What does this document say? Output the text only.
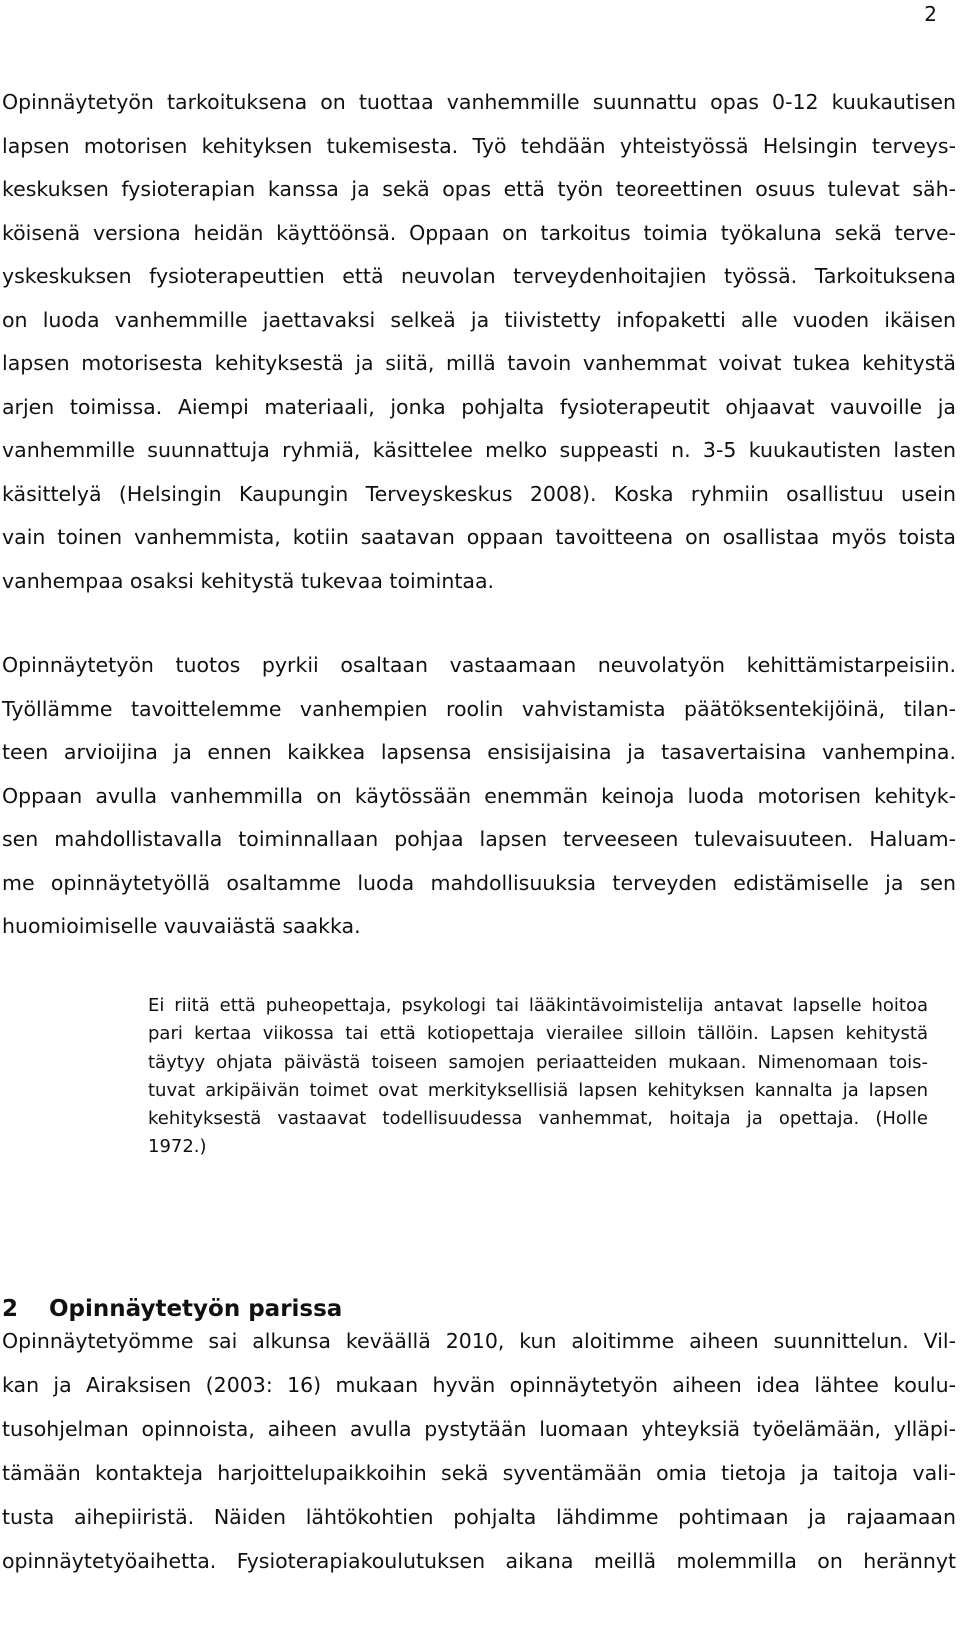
2
Opinnäytetyön tarkoituksena on tuottaa vanhemmille suunnattu opas 0-12 kuukautisen
lapsen motorisen kehityksen tukemisesta. Työ tehdään yhteistyössä Helsingin terveys-
keskuksen fysioterapian kanssa ja sekä opas että työn teoreettinen osuus tulevat säh-
köisenä versiona heidän käyttöönsä. Oppaan on tarkoitus toimia työkaluna sekä terve-
yskeskuksen fysioterapeuttien että neuvolan terveydenhoitajien työssä. Tarkoituksena
on luoda vanhemmille jaettavaksi selkeä ja tiivistetty infopaketti alle vuoden ikäisen
lapsen motorisesta kehityksestä ja siitä, millä tavoin vanhemmat voivat tukea kehitystä
arjen toimissa. Aiempi materiaali, jonka pohjalta fysioterapeutit ohjaavat vauvoille ja
vanhemmille suunnattuja ryhmiä, käsittelee melko suppeasti n. 3-5 kuukautisten lasten
käsittelyä (Helsingin Kaupungin Terveyskeskus 2008). Koska ryhmiin osallistuu usein
vain toinen vanhemmista, kotiin saatavan oppaan tavoitteena on osallistaa myös toista
vanhempaa osaksi kehitystä tukevaa toimintaa.
Opinnäytetyön tuotos pyrkii osaltaan vastaamaan neuvolatyön kehittämistarpeisiin.
Työllämme tavoittelemme vanhempien roolin vahvistamista päätöksentekijöinä, tilan-
teen arvioijina ja ennen kaikkea lapsensa ensisijaisina ja tasavertaisina vanhempina.
Oppaan avulla vanhemmilla on käytössään enemmän keinoja luoda motorisen kehityk-
sen mahdollistavalla toiminnallaan pohjaa lapsen terveeseen tulevaisuuteen. Haluam-
me opinnäytetyöllä osaltamme luoda mahdollisuuksia terveyden edistämiselle ja sen
huomioimiselle vauvaiästä saakka.
Ei riitä että puheopettaja, psykologi tai lääkintävoimistelija antavat lapselle hoitoa
pari kertaa viikossa tai että kotiopettaja vierailee silloin tällöin. Lapsen kehitystä
täytyy ohjata päivästä toiseen samojen periaatteiden mukaan. Nimenomaan tois-
tuvat arkipäivän toimet ovat merkityksellisiä lapsen kehityksen kannalta ja lapsen
kehityksestä vastaavat todellisuudessa vanhemmat, hoitaja ja opettaja. (Holle
1972.)
2 Opinnäytetyön parissa
Opinnäytetyömme sai alkunsa keväällä 2010, kun aloitimme aiheen suunnittelun. Vil-
kan ja Airaksisen (2003: 16) mukaan hyvän opinnäytetyön aiheen idea lähtee koulu-
tusohjelman opinnoista, aiheen avulla pystytään luomaan yhteyksiä työelämään, ylläpi-
tämään kontakteja harjoittelupaikkoihin sekä syventämään omia tietoja ja taitoja vali-
tusta aihepiiristä. Näiden lähtökohtien pohjalta lähdimme pohtimaan ja rajaamaan
opinnäytetyöaihetta. Fysioterapiakoulutuksen aikana meillä molemmilla on herännyt
